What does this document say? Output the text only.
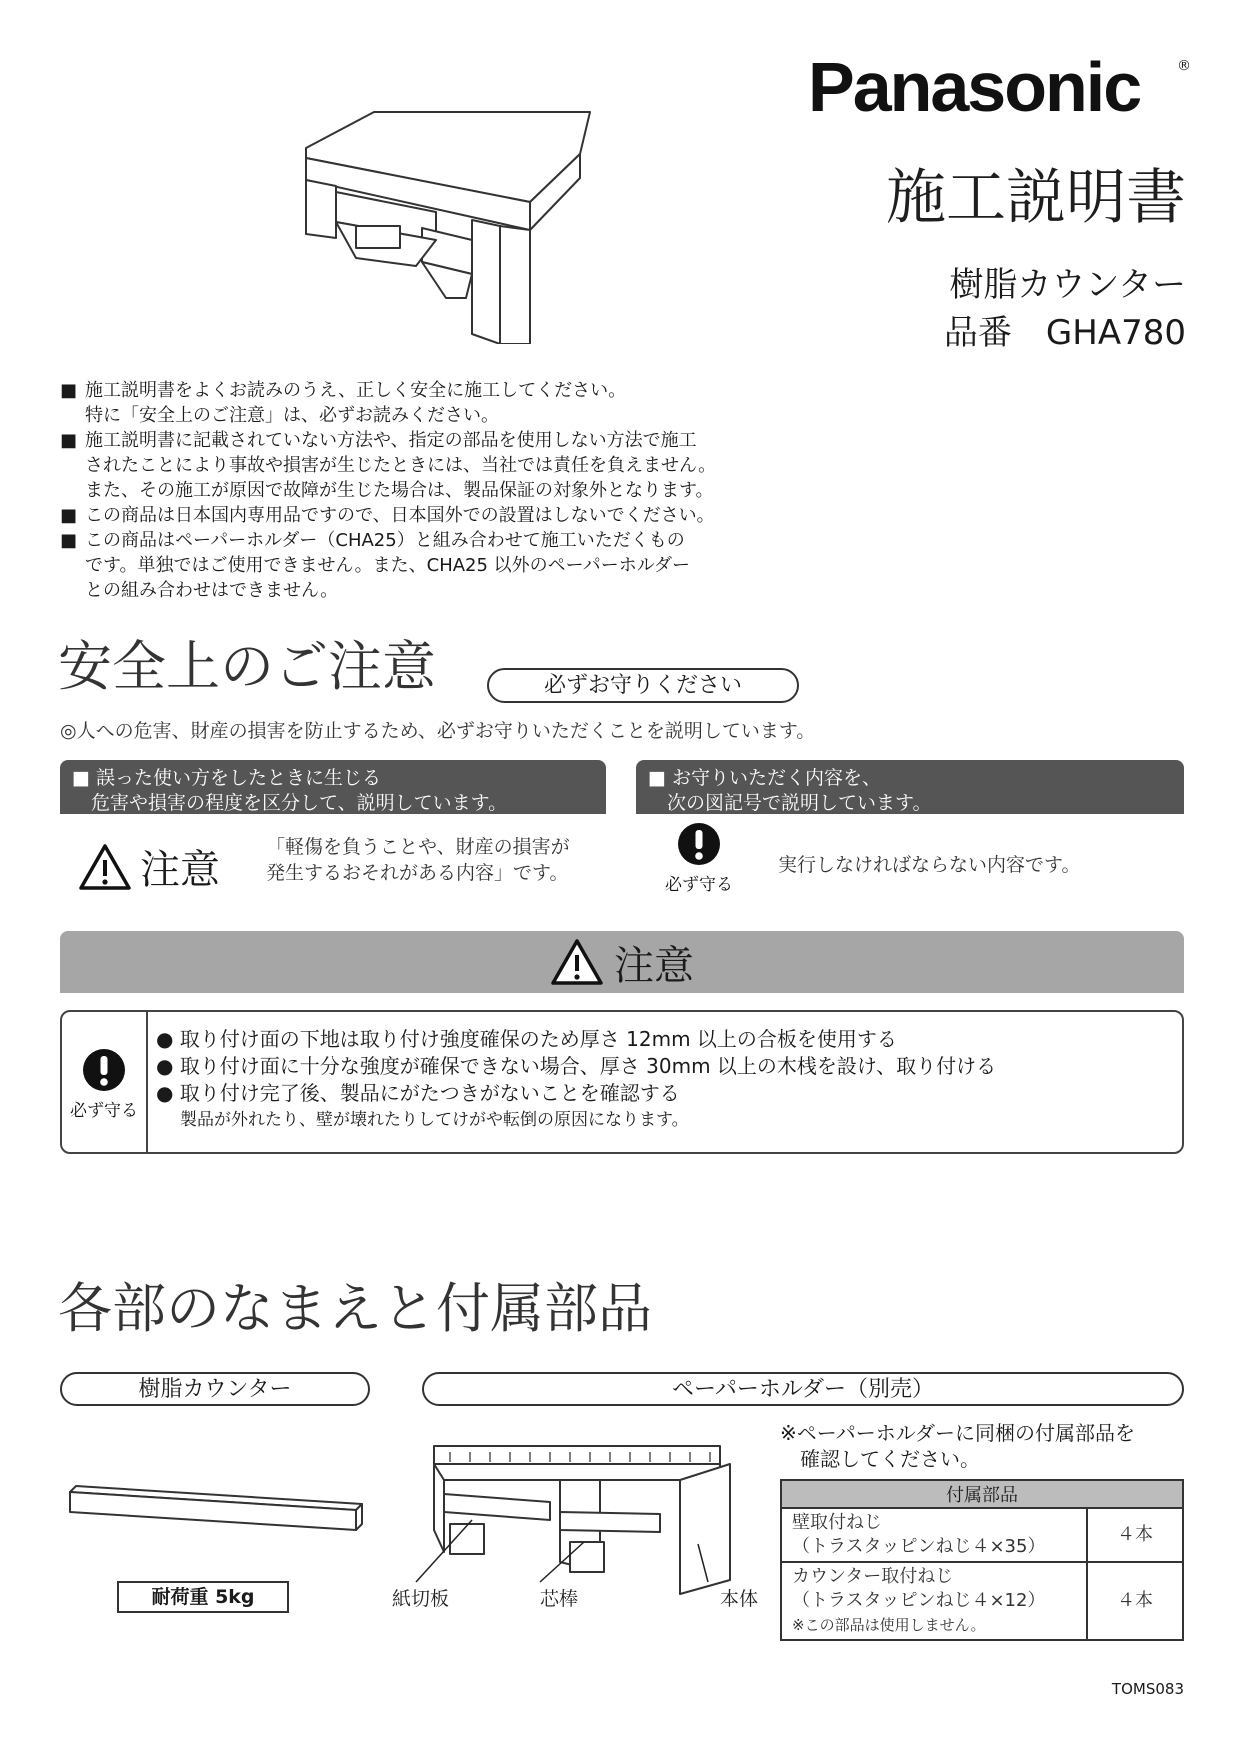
Panasonic	®
施工説明書
樹脂カウンター
品番　GHA780
■ 施工説明書をよくお読みのうえ、正しく安全に施工してください。
特に「安全上のご注意」は、必ずお読みください。
■ 施工説明書に記載されていない方法や、指定の部品を使用しない方法で施工
されたことにより事故や損害が生じたときには、当社では責任を負えません。
また、その施工が原因で故障が生じた場合は、製品保証の対象外となります。
■ この商品は日本国内専用品ですので、日本国外での設置はしないでください。
■ この商品はペーパーホルダー（CHA25）と組み合わせて施工いただくもの
です。単独ではご使用できません。また、CHA25 以外のペーパーホルダー
との組み合わせはできません。
安全上のご注意	必ずお守りください
◎人への危害、財産の損害を防止するため、必ずお守りいただくことを説明しています。
■ 誤った使い方をしたときに生じる
　危害や損害の程度を区分して、説明しています。
■ お守りいただく内容を、
　次の図記号で説明しています。
注意 「軽傷を負うことや、財産の損害が
発生するおそれがある内容」です。
必ず守る
実行しなければならない内容です。
注意
必ず守る
● 取り付け面の下地は取り付け強度確保のため厚さ 12mm 以上の合板を使用する
● 取り付け面に十分な強度が確保できない場合、厚さ 30mm 以上の木桟を設け、取り付ける
● 取り付け完了後、製品にがたつきがないことを確認する
製品が外れたり、壁が壊れたりしてけがや転倒の原因になります。
各部のなまえと付属部品
樹脂カウンター	ペーパーホルダー（別売）
耐荷重 5kg	紙切板	芯棒	本体
※ペーパーホルダーに同梱の付属部品を
　確認してください。
付属部品	

壁取付ねじ
（トラスタッピンねじ４×35）	４本

カウンター取付ねじ
（トラスタッピンねじ４×12）
※この部品は使用しません。	４本
TOMS083
